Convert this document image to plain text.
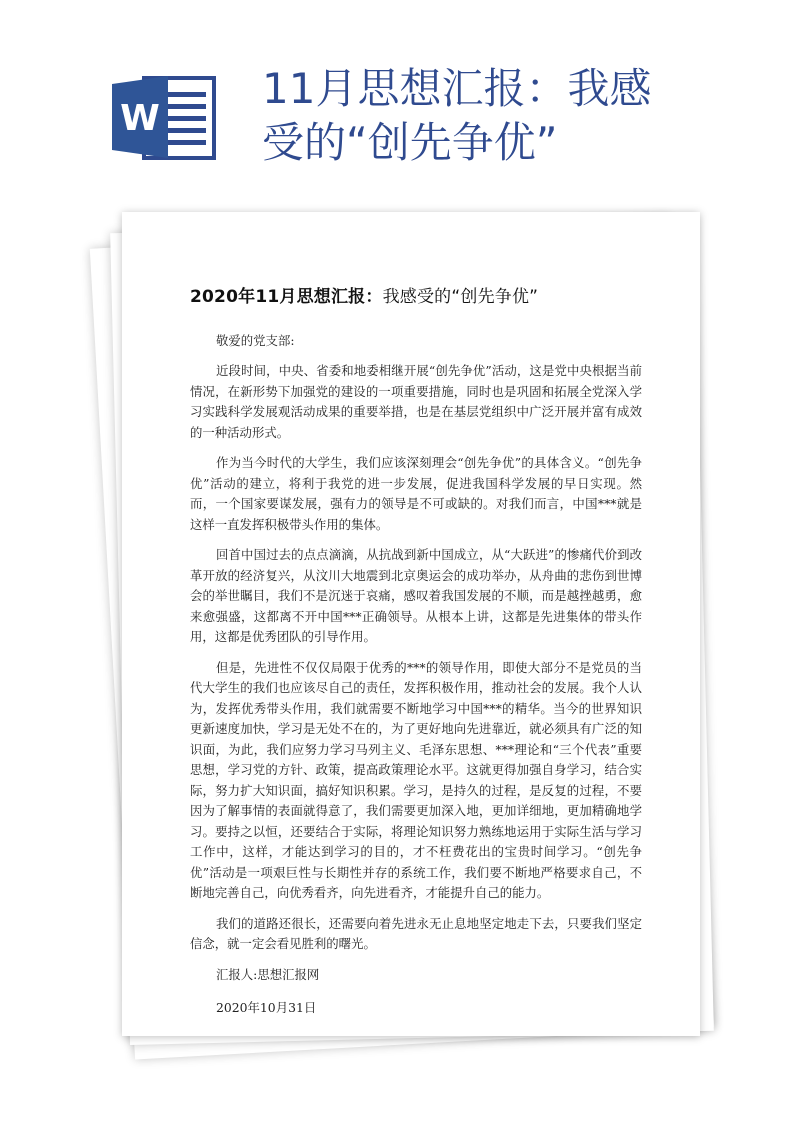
W
11月思想汇报：我感
受的“创先争优”
2020年11月思想汇报：我感受的“创先争优”

敬爱的党支部:

近段时间，中央、省委和地委相继开展“创先争优”活动，这是党中央根据当前情况，在新形势下加强党的建设的一项重要措施，同时也是巩固和拓展全党深入学习实践科学发展观活动成果的重要举措，也是在基层党组织中广泛开展并富有成效的一种活动形式。

作为当今时代的大学生，我们应该深刻理会“创先争优”的具体含义。“创先争优”活动的建立，将利于我党的进一步发展，促进我国科学发展的早日实现。然而，一个国家要谋发展，强有力的领导是不可或缺的。对我们而言，中国***就是这样一直发挥积极带头作用的集体。

回首中国过去的点点滴滴，从抗战到新中国成立，从“大跃进”的惨痛代价到改革开放的经济复兴，从汶川大地震到北京奥运会的成功举办，从舟曲的悲伤到世博会的举世瞩目，我们不是沉迷于哀痛，感叹着我国发展的不顺，而是越挫越勇，愈来愈强盛，这都离不开中国***正确领导。从根本上讲，这都是先进集体的带头作用，这都是优秀团队的引导作用。

但是，先进性不仅仅局限于优秀的***的领导作用，即使大部分不是党员的当代大学生的我们也应该尽自己的责任，发挥积极作用，推动社会的发展。我个人认为，发挥优秀带头作用，我们就需要不断地学习中国***的精华。当今的世界知识更新速度加快，学习是无处不在的，为了更好地向先进靠近，就必须具有广泛的知识面，为此，我们应努力学习马列主义、毛泽东思想、***理论和“三个代表”重要思想，学习党的方针、政策，提高政策理论水平。这就更得加强自身学习，结合实际，努力扩大知识面，搞好知识积累。学习，是持久的过程，是反复的过程，不要因为了解事情的表面就得意了，我们需要更加深入地，更加详细地，更加精确地学习。要持之以恒，还要结合于实际，将理论知识努力熟练地运用于实际生活与学习工作中，这样，才能达到学习的目的，才不枉费花出的宝贵时间学习。“创先争优”活动是一项艰巨性与长期性并存的系统工作，我们要不断地严格要求自己，不断地完善自己，向优秀看齐，向先进看齐，才能提升自己的能力。

我们的道路还很长，还需要向着先进永无止息地坚定地走下去，只要我们坚定信念，就一定会看见胜利的曙光。

汇报人:思想汇报网

2020年10月31日
